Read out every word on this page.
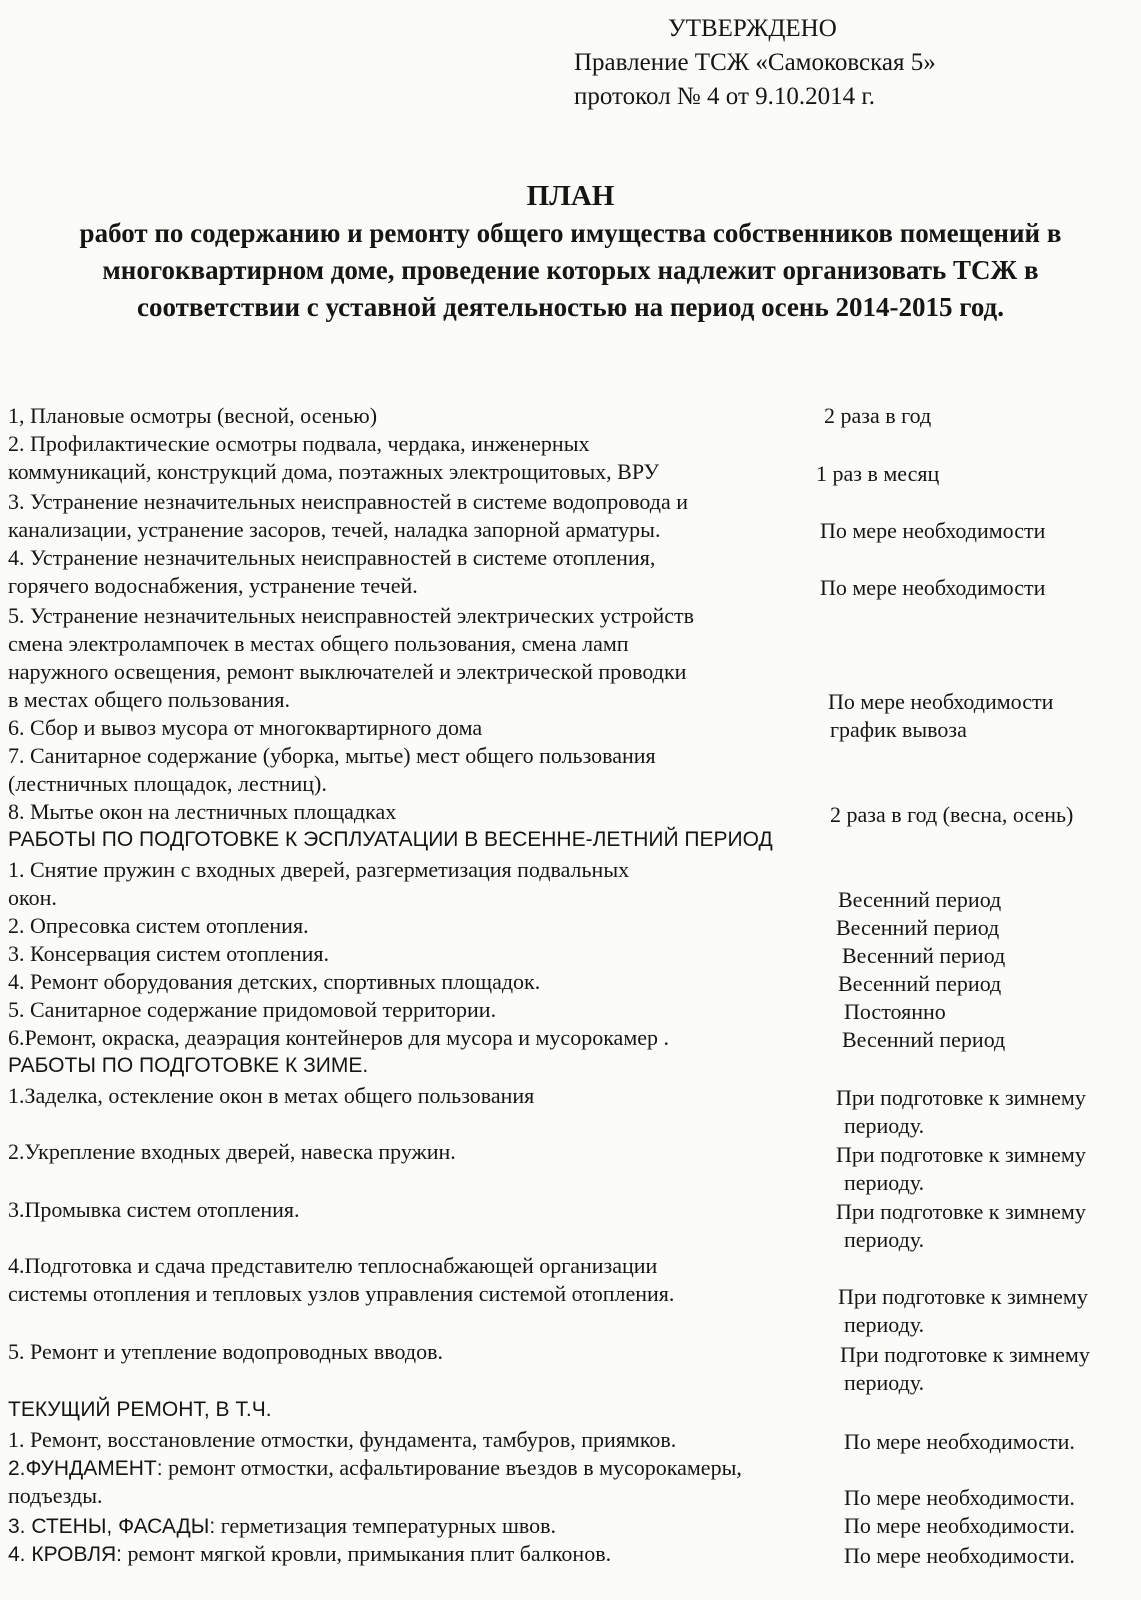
УТВЕРЖДЕНО
Правление ТСЖ «Самоковская 5»
протокол № 4 от 9.10.2014 г.
ПЛАН
работ по содержанию и ремонту общего имущества собственников помещений в
многоквартирном доме, проведение которых надлежит организовать ТСЖ в
соответствии с уставной деятельностью на период осень 2014-2015 год.
1, Плановые осмотры (весной, осенью)	2 раза в год
2. Профилактические осмотры подвала, чердака, инженерных
коммуникаций, конструкций дома, поэтажных электрощитовых, ВРУ	1 раз в месяц
3. Устранение незначительных неисправностей в системе водопровода и
канализации, устранение засоров, течей, наладка запорной арматуры.	По мере необходимости
4. Устранение незначительных неисправностей в системе отопления,
горячего водоснабжения, устранение течей.	По мере необходимости
5. Устранение незначительных неисправностей электрических устройств
смена электролампочек в местах общего пользования, смена ламп
наружного освещения, ремонт выключателей и электрической проводки
в местах общего пользования.	По мере необходимости
6. Сбор и вывоз мусора от многоквартирного дома	график вывоза
7. Санитарное содержание (уборка, мытье) мест общего пользования
(лестничных площадок, лестниц).
8. Мытье окон на лестничных площадках	2 раза в год (весна, осень)
РАБОТЫ ПО ПОДГОТОВКЕ К ЭСПЛУАТАЦИИ В ВЕСЕННЕ-ЛЕТНИЙ ПЕРИОД
1. Снятие пружин с входных дверей, разгерметизация подвальных
окон.	Весенний период
2. Опресовка систем отопления.	Весенний период
3. Консервация систем отопления.	Весенний период
4. Ремонт оборудования детских, спортивных площадок.	Весенний период
5. Санитарное содержание придомовой территории.	Постоянно
6.Ремонт, окраска, деаэрация контейнеров для мусора и мусорокамер .	Весенний период
РАБОТЫ ПО ПОДГОТОВКЕ К ЗИМЕ.
1.Заделка, остекление окон в метах общего пользования	При подготовке к зимнему
периоду.
2.Укрепление входных дверей, навеска пружин.	При подготовке к зимнему
периоду.
3.Промывка систем отопления.	При подготовке к зимнему
периоду.
4.Подготовка и сдача представителю теплоснабжающей организации
системы отопления и тепловых узлов управления системой отопления.	При подготовке к зимнему
периоду.
5. Ремонт и утепление водопроводных вводов.	При подготовке к зимнему
периоду.
ТЕКУЩИЙ РЕМОНТ, В Т.Ч.
1. Ремонт, восстановление отмостки, фундамента, тамбуров, приямков.	По мере необходимости.
2.ФУНДАМЕНТ: ремонт отмостки, асфальтирование въездов в мусорокамеры,
подъезды.	По мере необходимости.
3. СТЕНЫ, ФАСАДЫ: герметизация температурных швов.	По мере необходимости.
4. КРОВЛЯ: ремонт мягкой кровли, примыкания плит балконов.	По мере необходимости.
